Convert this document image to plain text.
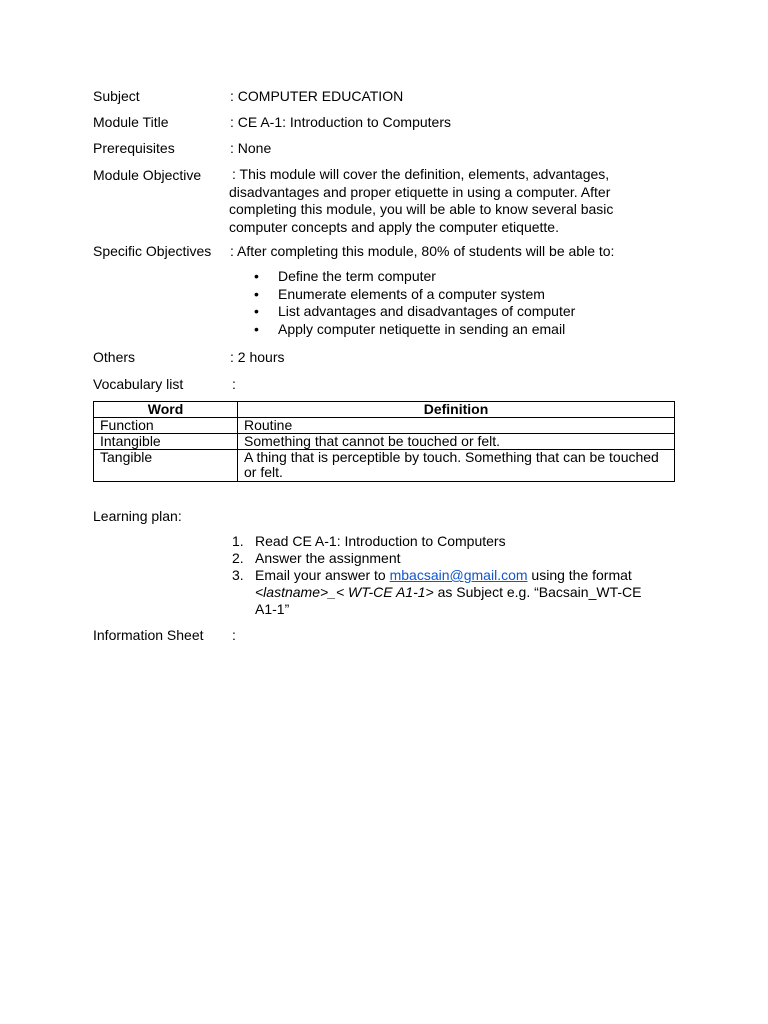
Subject	: COMPUTER EDUCATION
Module Title	: CE A-1: Introduction to Computers
Prerequisites	: None
Module Objective : This module will cover the definition, elements, advantages,

disadvantages and proper etiquette in using a computer. After

completing this module, you will be able to know several basic

computer concepts and apply the computer etiquette.

Specific Objectives : After completing this module, 80% of students will be able to:
• Define the term computer
• Enumerate elements of a computer system
• List advantages and disadvantages of computer
• Apply computer netiquette in sending an email
Others	: 2 hours
Vocabulary list	:
Word	Definition
Function	Routine
Intangible	Something that cannot be touched or felt.
Tangible	A thing that is perceptible by touch. Something that can be touched or felt.
Learning plan:
1. Read CE A-1: Introduction to Computers
2. Answer the assignment
3. Email your answer to mbacsain@gmail.com using the format <lastname>_< WT-CE A1-1> as Subject e.g. “Bacsain_WT-CE A1-1”
Information Sheet :
